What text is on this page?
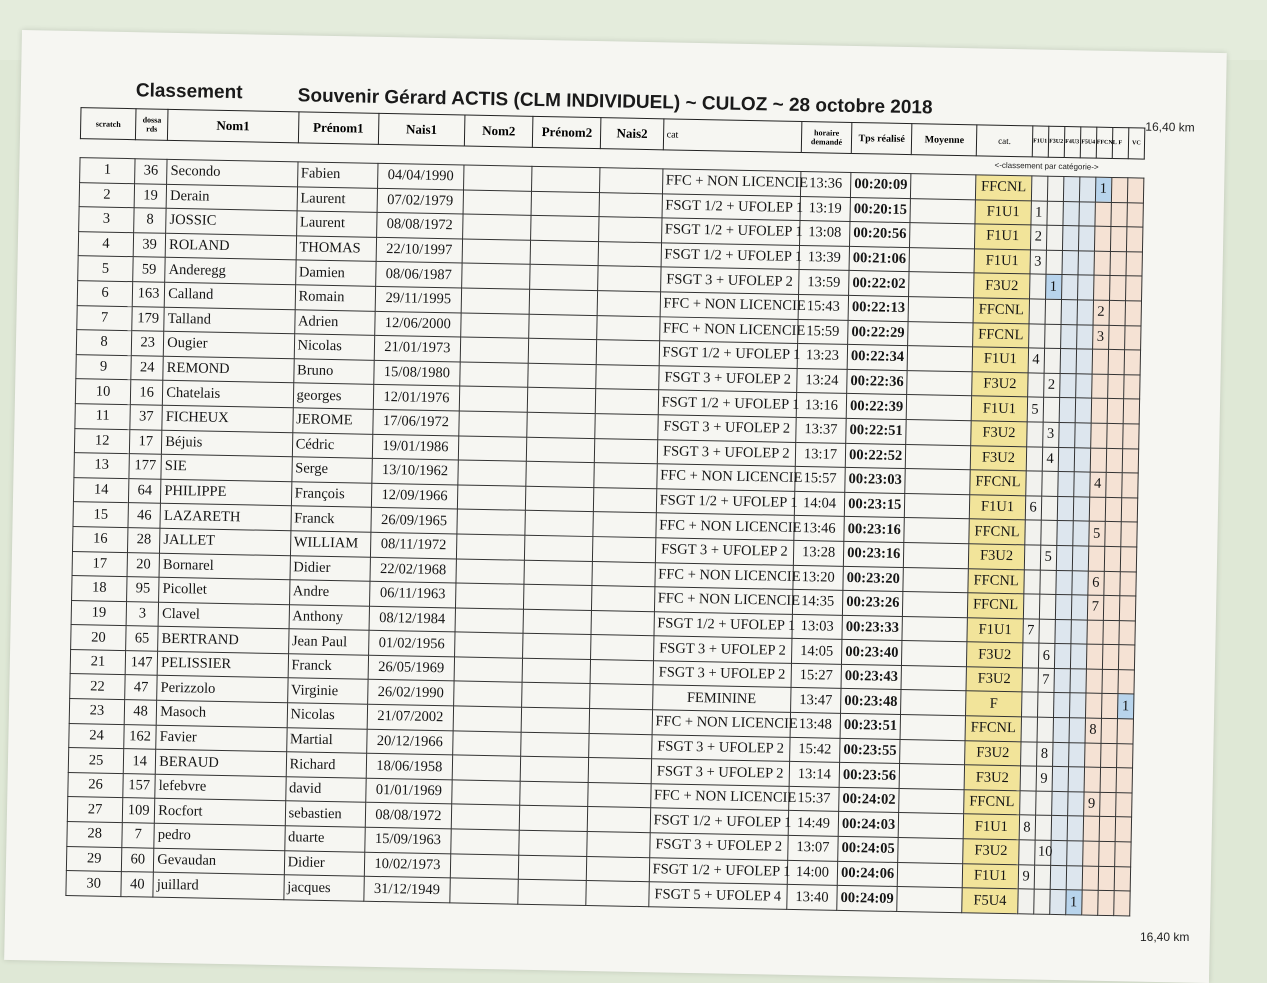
Classement	Souvenir Gérard ACTIS (CLM INDIVIDUEL) ~ CULOZ ~ 28 octobre 2018
16,40 km
scratch	dossa rds	Nom1	Prénom1	Nais1	Nom2	Prénom2	Nais2	cat	horaire demandé	Tps réalisé	Moyenne	cat.	F1U1	F3U2	F4U3	F5U4	FFCNL	F	VC
<-classement par catégorie->
1	36	Secondo	Fabien	04/04/1990				FFC + NON LICENCIE	13:36	00:20:09		FFCNL					1		
2	19	Derain	Laurent	07/02/1979				FSGT 1/2 + UFOLEP 1	13:19	00:20:15		F1U1	1						
3	8	JOSSIC	Laurent	08/08/1972				FSGT 1/2 + UFOLEP 1	13:08	00:20:56		F1U1	2						
4	39	ROLAND	THOMAS	22/10/1997				FSGT 1/2 + UFOLEP 1	13:39	00:21:06		F1U1	3						
5	59	Anderegg	Damien	08/06/1987				FSGT 3 + UFOLEP 2	13:59	00:22:02		F3U2		1					
6	163	Calland	Romain	29/11/1995				FFC + NON LICENCIE	15:43	00:22:13		FFCNL					2		
7	179	Talland	Adrien	12/06/2000				FFC + NON LICENCIE	15:59	00:22:29		FFCNL					3		
8	23	Ougier	Nicolas	21/01/1973				FSGT 1/2 + UFOLEP 1	13:23	00:22:34		F1U1	4						
9	24	REMOND	Bruno	15/08/1980				FSGT 3 + UFOLEP 2	13:24	00:22:36		F3U2		2					
10	16	Chatelais	georges	12/01/1976				FSGT 1/2 + UFOLEP 1	13:16	00:22:39		F1U1	5						
11	37	FICHEUX	JEROME	17/06/1972				FSGT 3 + UFOLEP 2	13:37	00:22:51		F3U2		3					
12	17	Béjuis	Cédric	19/01/1986				FSGT 3 + UFOLEP 2	13:17	00:22:52		F3U2		4					
13	177	SIE	Serge	13/10/1962				FFC + NON LICENCIE	15:57	00:23:03		FFCNL					4		
14	64	PHILIPPE	François	12/09/1966				FSGT 1/2 + UFOLEP 1	14:04	00:23:15		F1U1	6						
15	46	LAZARETH	Franck	26/09/1965				FFC + NON LICENCIE	13:46	00:23:16		FFCNL					5		
16	28	JALLET	WILLIAM	08/11/1972				FSGT 3 + UFOLEP 2	13:28	00:23:16		F3U2		5					
17	20	Bornarel	Didier	22/02/1968				FFC + NON LICENCIE	13:20	00:23:20		FFCNL					6		
18	95	Picollet	Andre	06/11/1963				FFC + NON LICENCIE	14:35	00:23:26		FFCNL					7		
19	3	Clavel	Anthony	08/12/1984				FSGT 1/2 + UFOLEP 1	13:03	00:23:33		F1U1	7						
20	65	BERTRAND	Jean Paul	01/02/1956				FSGT 3 + UFOLEP 2	14:05	00:23:40		F3U2		6					
21	147	PELISSIER	Franck	26/05/1969				FSGT 3 + UFOLEP 2	15:27	00:23:43		F3U2		7					
22	47	Perizzolo	Virginie	26/02/1990				FEMININE	13:47	00:23:48		F							1
23	48	Masoch	Nicolas	21/07/2002				FFC + NON LICENCIE	13:48	00:23:51		FFCNL					8		
24	162	Favier	Martial	20/12/1966				FSGT 3 + UFOLEP 2	15:42	00:23:55		F3U2		8					
25	14	BERAUD	Richard	18/06/1958				FSGT 3 + UFOLEP 2	13:14	00:23:56		F3U2		9					
26	157	lefebvre	david	01/01/1969				FFC + NON LICENCIE	15:37	00:24:02		FFCNL					9		
27	109	Rocfort	sebastien	08/08/1972				FSGT 1/2 + UFOLEP 1	14:49	00:24:03		F1U1	8						
28	7	pedro	duarte	15/09/1963				FSGT 3 + UFOLEP 2	13:07	00:24:05		F3U2		10					
29	60	Gevaudan	Didier	10/02/1973				FSGT 1/2 + UFOLEP 1	14:00	00:24:06		F1U1	9						
30	40	juillard	jacques	31/12/1949				FSGT 5 + UFOLEP 4	13:40	00:24:09		F5U4				1			
16,40 km
